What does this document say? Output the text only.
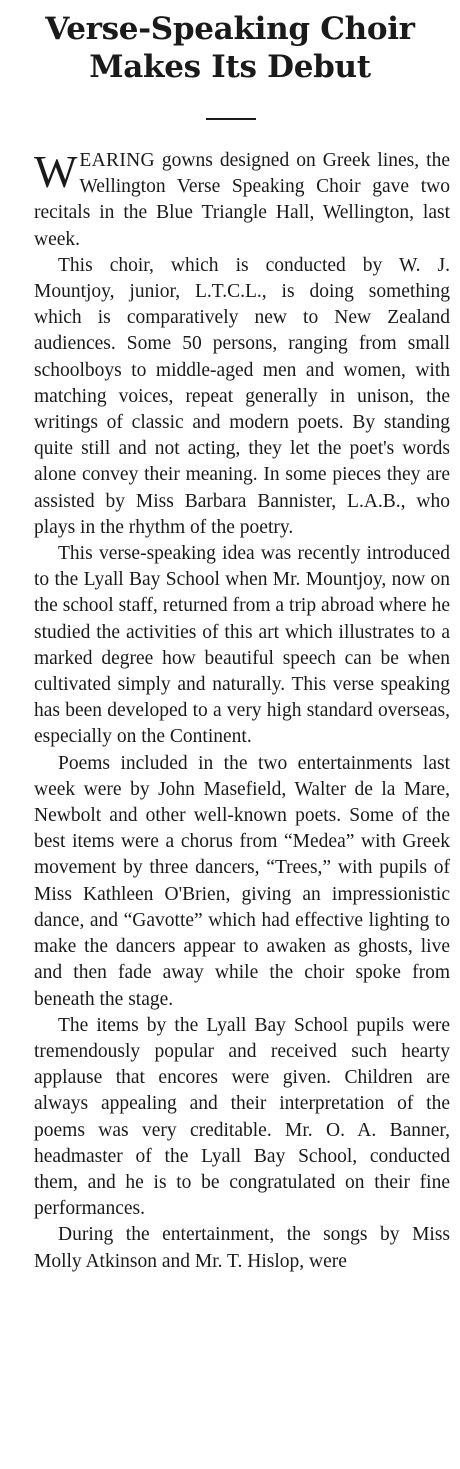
Verse-Speaking Choir
Makes Its Debut

WEARING gowns designed on Greek lines, the Wellington Verse Speaking Choir gave two recitals in the Blue Triangle Hall, Wellington, last week.

This choir, which is conducted by W. J. Mountjoy, junior, L.T.C.L., is doing something which is comparatively new to New Zealand audiences. Some 50 persons, ranging from small schoolboys to middle-aged men and women, with matching voices, repeat generally in unison, the writings of classic and modern poets. By standing quite still and not acting, they let the poet's words alone convey their meaning. In some pieces they are assisted by Miss Barbara Bannister, L.A.B., who plays in the rhythm of the poetry.

This verse-speaking idea was recently introduced to the Lyall Bay School when Mr. Mountjoy, now on the school staff, returned from a trip abroad where he studied the activities of this art which illustrates to a marked degree how beautiful speech can be when cultivated simply and naturally. This verse speaking has been developed to a very high standard overseas, especially on the Continent.

Poems included in the two entertainments last week were by John Masefield, Walter de la Mare, Newbolt and other well-known poets. Some of the best items were a chorus from “Medea” with Greek movement by three dancers, “Trees,” with pupils of Miss Kathleen O'Brien, giving an impressionistic dance, and “Gavotte” which had effective lighting to make the dancers appear to awaken as ghosts, live and then fade away while the choir spoke from beneath the stage.

The items by the Lyall Bay School pupils were tremendously popular and received such hearty applause that encores were given. Children are always appealing and their interpretation of the poems was very creditable. Mr. O. A. Banner, headmaster of the Lyall Bay School, conducted them, and he is to be congratulated on their fine performances.

During the entertainment, the songs by Miss Molly Atkinson and Mr. T. Hislop, were
